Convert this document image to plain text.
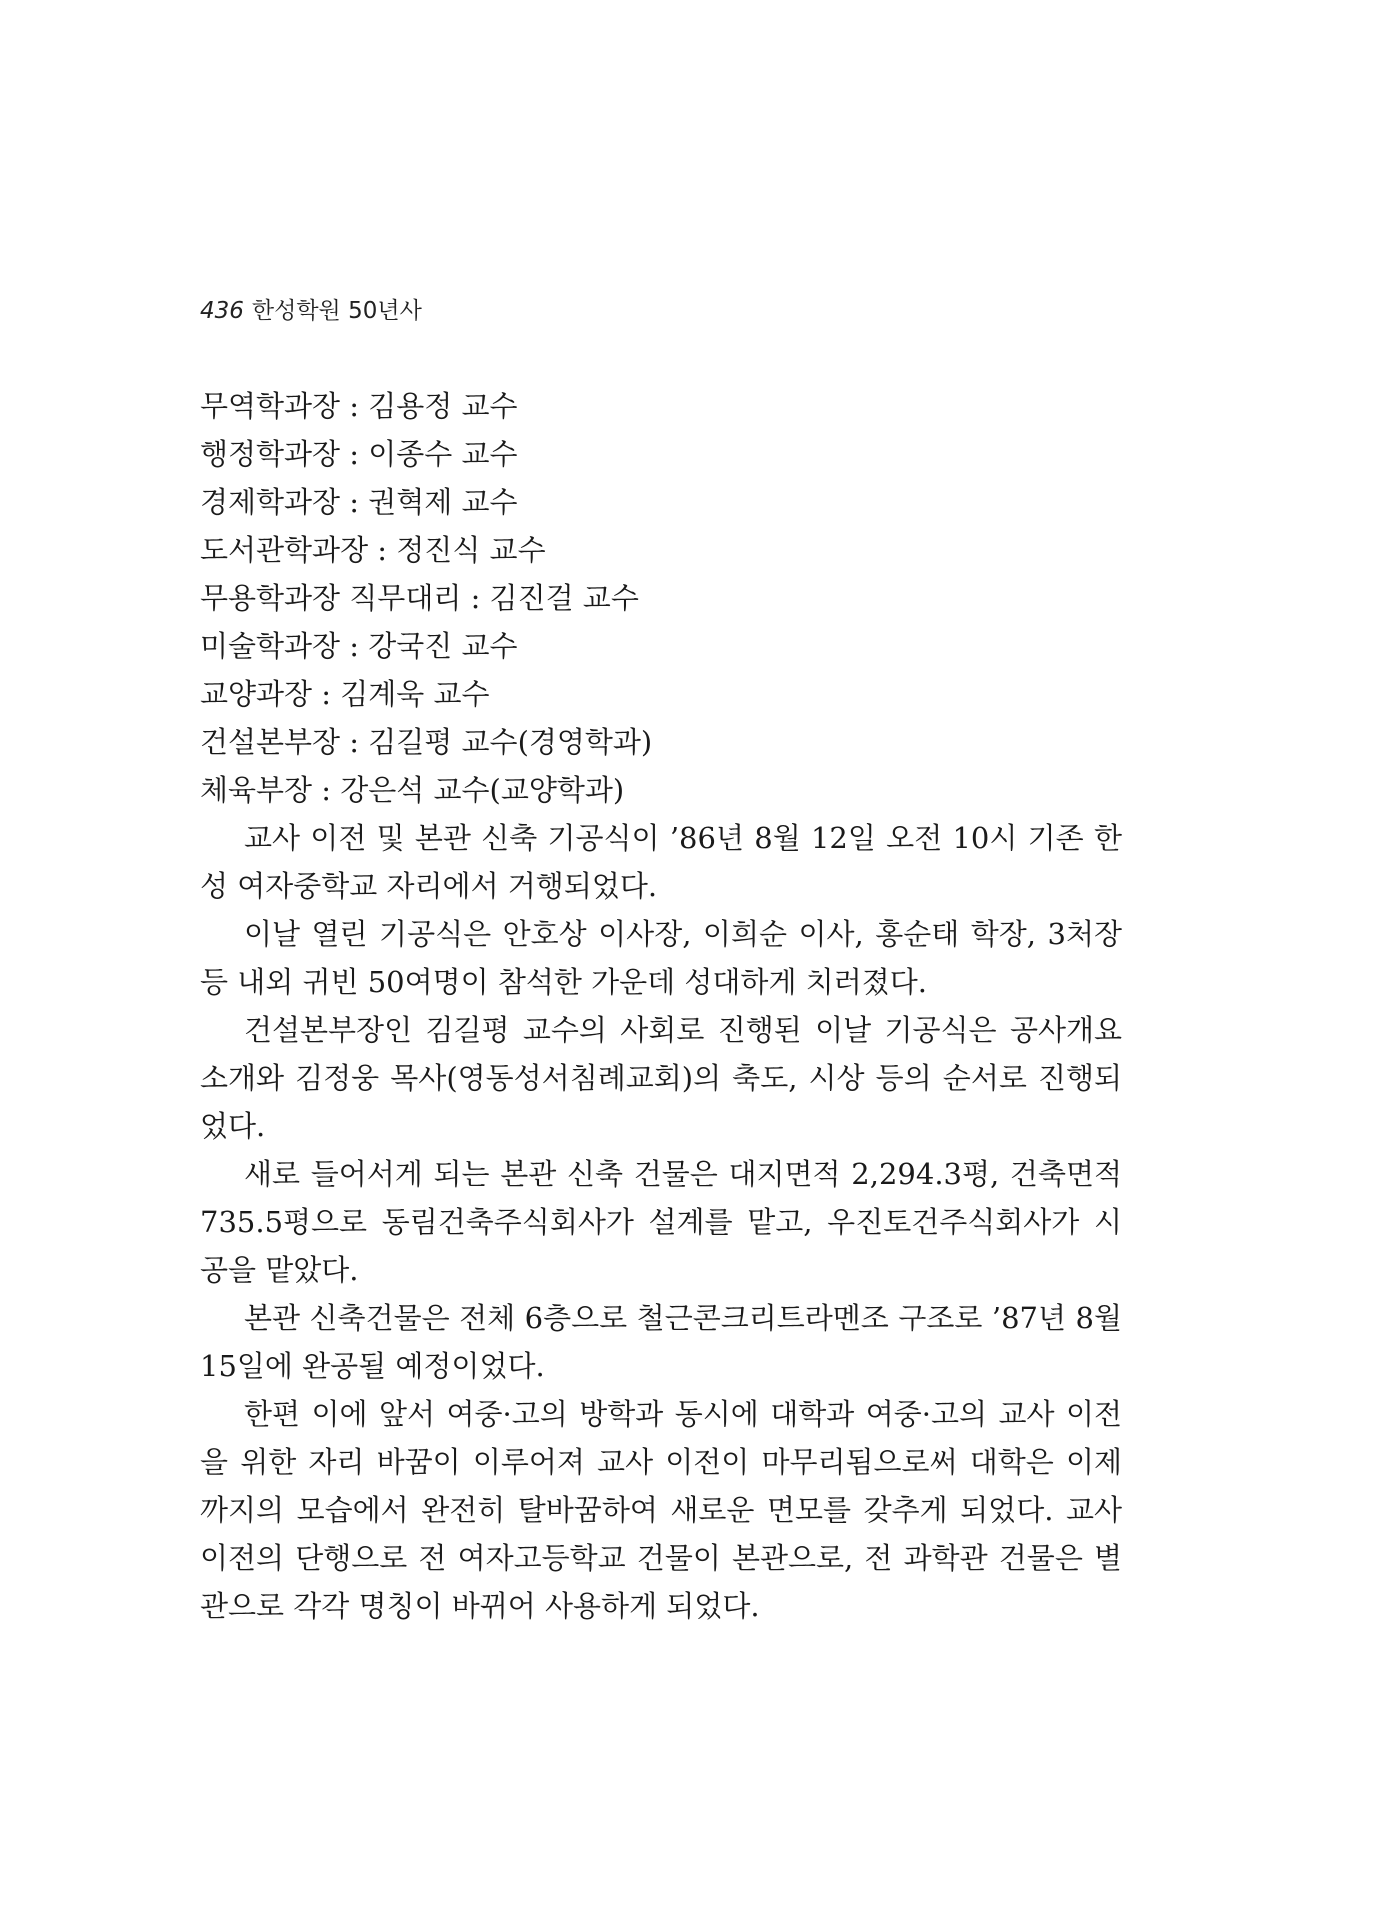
436 한성학원 50년사

무역학과장 : 김용정 교수

행정학과장 : 이종수 교수

경제학과장 : 권혁제 교수

도서관학과장 : 정진식 교수

무용학과장 직무대리 : 김진걸 교수

미술학과장 : 강국진 교수

교양과장 : 김계욱 교수

건설본부장 : 김길평 교수(경영학과)

체육부장 : 강은석 교수(교양학과)

교사 이전 및 본관 신축 기공식이 ’86년 8월 12일 오전 10시 기존 한성 여자중학교 자리에서 거행되었다.

이날 열린 기공식은 안호상 이사장, 이희순 이사, 홍순태 학장, 3처장 등 내외 귀빈 50여명이 참석한 가운데 성대하게 치러졌다.

건설본부장인 김길평 교수의 사회로 진행된 이날 기공식은 공사개요 소개와 김정웅 목사(영동성서침례교회)의 축도, 시상 등의 순서로 진행되었다.

새로 들어서게 되는 본관 신축 건물은 대지면적 2,294.3평, 건축면적 735.5평으로 동림건축주식회사가 설계를 맡고, 우진토건주식회사가 시공을 맡았다.

본관 신축건물은 전체 6층으로 철근콘크리트라멘조 구조로 ’87년 8월 15일에 완공될 예정이었다.

한편 이에 앞서 여중·고의 방학과 동시에 대학과 여중·고의 교사 이전을 위한 자리 바꿈이 이루어져 교사 이전이 마무리됨으로써 대학은 이제까지의 모습에서 완전히 탈바꿈하여 새로운 면모를 갖추게 되었다. 교사 이전의 단행으로 전 여자고등학교 건물이 본관으로, 전 과학관 건물은 별관으로 각각 명칭이 바뀌어 사용하게 되었다.
